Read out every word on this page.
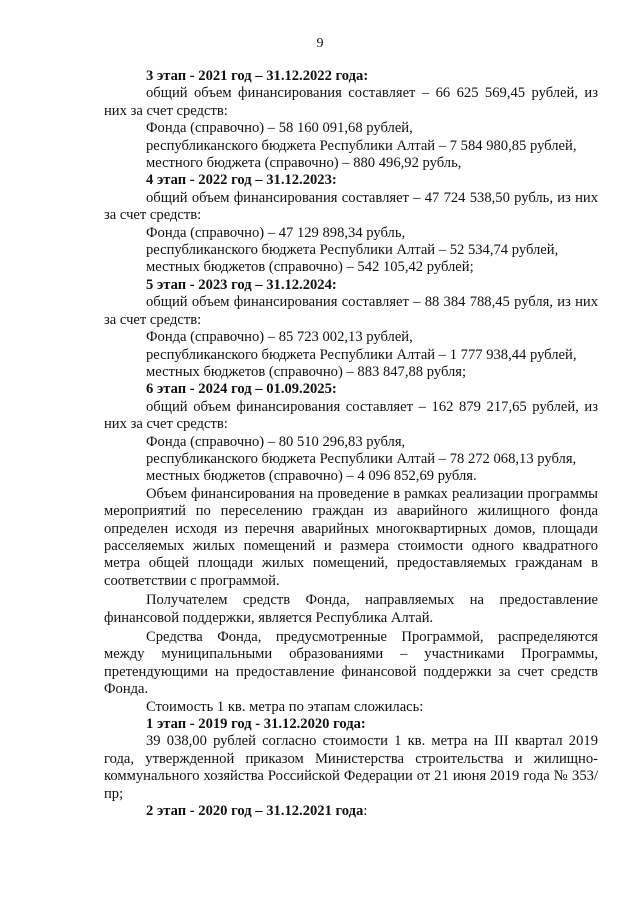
9

3 этап - 2021 год – 31.12.2022 года:

общий объем финансирования составляет – 66 625 569,45 рублей, из них за счет средств:

Фонда (справочно) – 58 160 091,68 рублей,

республиканского бюджета Республики Алтай – 7 584 980,85 рублей,

местного бюджета (справочно) – 880 496,92 рубль,

4 этап - 2022 год – 31.12.2023:

общий объем финансирования составляет – 47 724 538,50 рубль, из них за счет средств:

Фонда (справочно) – 47 129 898,34 рубль,

республиканского бюджета Республики Алтай – 52 534,74 рублей,

местных бюджетов (справочно) – 542 105,42 рублей;

5 этап - 2023 год – 31.12.2024:

общий объем финансирования составляет – 88 384 788,45 рубля, из них за счет средств:

Фонда (справочно) – 85 723 002,13 рублей,

республиканского бюджета Республики Алтай – 1 777 938,44 рублей,

местных бюджетов (справочно) – 883 847,88 рубля;

6 этап - 2024 год – 01.09.2025:

общий объем финансирования составляет – 162 879 217,65 рублей, из них за счет средств:

Фонда (справочно) – 80 510 296,83 рубля,

республиканского бюджета Республики Алтай – 78 272 068,13 рубля,

местных бюджетов (справочно) – 4 096 852,69 рубля.

Объем финансирования на проведение в рамках реализации программы мероприятий по переселению граждан из аварийного жилищного фонда определен исходя из перечня аварийных многоквартирных домов, площади расселяемых жилых помещений и размера стоимости одного квадратного метра общей площади жилых помещений, предоставляемых гражданам в соответствии с программой.

Получателем средств Фонда, направляемых на предоставление финансовой поддержки, является Республика Алтай.

Средства Фонда, предусмотренные Программой, распределяются между муниципальными образованиями – участниками Программы, претендующими на предоставление финансовой поддержки за счет средств Фонда.

Стоимость 1 кв. метра по этапам сложилась:

1 этап - 2019 год - 31.12.2020 года:

39 038,00 рублей согласно стоимости 1 кв. метра на III квартал 2019 года, утвержденной приказом Министерства строительства и жилищно-коммунального хозяйства Российской Федерации от 21 июня 2019 года № 353/пр;

2 этап - 2020 год – 31.12.2021 года:
